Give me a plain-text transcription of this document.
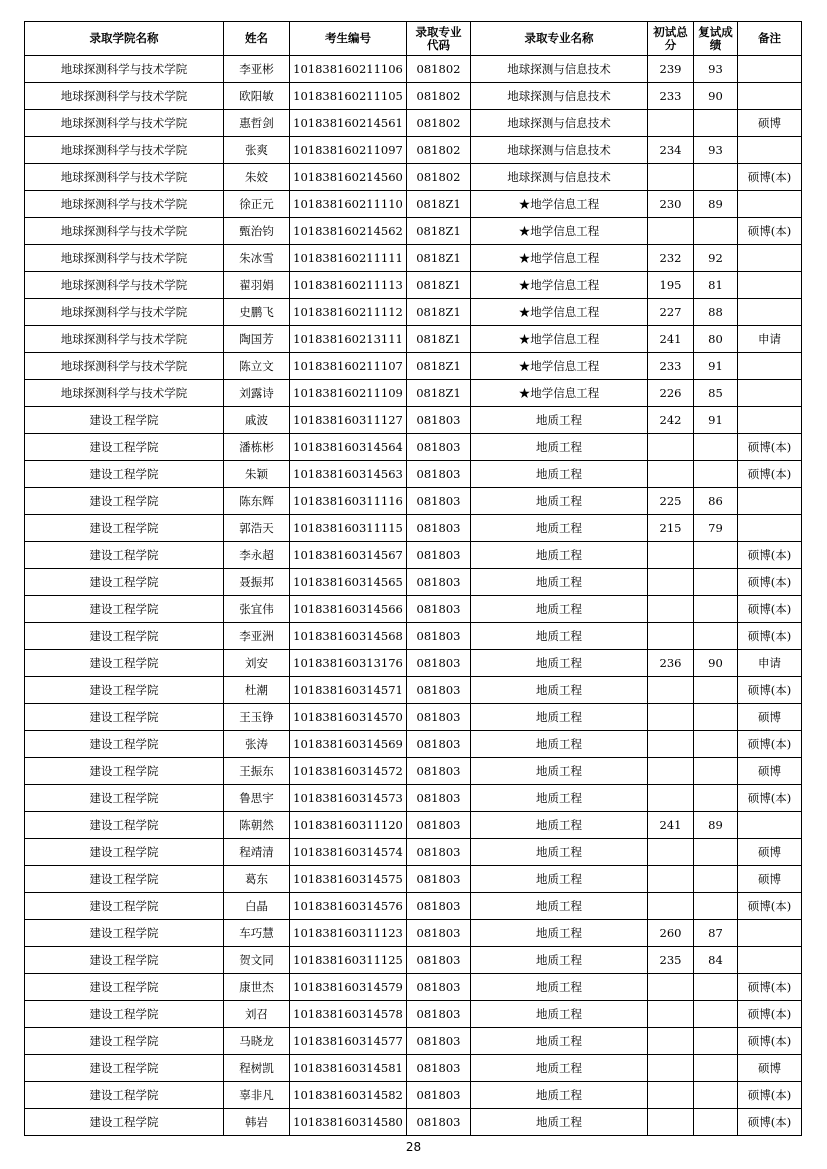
录取学院名称	姓名	考生编号	录取专业代码	录取专业名称	初试总分	复试成绩	备注
地球探测科学与技术学院	李亚彬	101838160211106	081802	地球探测与信息技术	239	93	
地球探测科学与技术学院	欧阳敏	101838160211105	081802	地球探测与信息技术	233	90	
地球探测科学与技术学院	惠哲剑	101838160214561	081802	地球探测与信息技术			硕博
地球探测科学与技术学院	张爽	101838160211097	081802	地球探测与信息技术	234	93	
地球探测科学与技术学院	朱姣	101838160214560	081802	地球探测与信息技术			硕博(本)
地球探测科学与技术学院	徐正元	101838160211110	0818Z1	★地学信息工程	230	89	
地球探测科学与技术学院	甄治钧	101838160214562	0818Z1	★地学信息工程			硕博(本)
地球探测科学与技术学院	朱冰雪	101838160211111	0818Z1	★地学信息工程	232	92	
地球探测科学与技术学院	翟羽娟	101838160211113	0818Z1	★地学信息工程	195	81	
地球探测科学与技术学院	史鹏飞	101838160211112	0818Z1	★地学信息工程	227	88	
地球探测科学与技术学院	陶国芳	101838160213111	0818Z1	★地学信息工程	241	80	申请
地球探测科学与技术学院	陈立文	101838160211107	0818Z1	★地学信息工程	233	91	
地球探测科学与技术学院	刘露诗	101838160211109	0818Z1	★地学信息工程	226	85	
建设工程学院	戚波	101838160311127	081803	地质工程	242	91	
建设工程学院	潘栋彬	101838160314564	081803	地质工程			硕博(本)
建设工程学院	朱颖	101838160314563	081803	地质工程			硕博(本)
建设工程学院	陈东辉	101838160311116	081803	地质工程	225	86	
建设工程学院	郭浩天	101838160311115	081803	地质工程	215	79	
建设工程学院	李永超	101838160314567	081803	地质工程			硕博(本)
建设工程学院	聂振邦	101838160314565	081803	地质工程			硕博(本)
建设工程学院	张宜伟	101838160314566	081803	地质工程			硕博(本)
建设工程学院	李亚洲	101838160314568	081803	地质工程			硕博(本)
建设工程学院	刘安	101838160313176	081803	地质工程	236	90	申请
建设工程学院	杜潮	101838160314571	081803	地质工程			硕博(本)
建设工程学院	王玉铮	101838160314570	081803	地质工程			硕博
建设工程学院	张涛	101838160314569	081803	地质工程			硕博(本)
建设工程学院	王振东	101838160314572	081803	地质工程			硕博
建设工程学院	鲁思宇	101838160314573	081803	地质工程			硕博(本)
建设工程学院	陈朝然	101838160311120	081803	地质工程	241	89	
建设工程学院	程靖清	101838160314574	081803	地质工程			硕博
建设工程学院	葛东	101838160314575	081803	地质工程			硕博
建设工程学院	白晶	101838160314576	081803	地质工程			硕博(本)
建设工程学院	车巧慧	101838160311123	081803	地质工程	260	87	
建设工程学院	贺文同	101838160311125	081803	地质工程	235	84	
建设工程学院	康世杰	101838160314579	081803	地质工程			硕博(本)
建设工程学院	刘召	101838160314578	081803	地质工程			硕博(本)
建设工程学院	马晓龙	101838160314577	081803	地质工程			硕博(本)
建设工程学院	程树凯	101838160314581	081803	地质工程			硕博
建设工程学院	辜非凡	101838160314582	081803	地质工程			硕博(本)
建设工程学院	韩岩	101838160314580	081803	地质工程			硕博(本)
28
